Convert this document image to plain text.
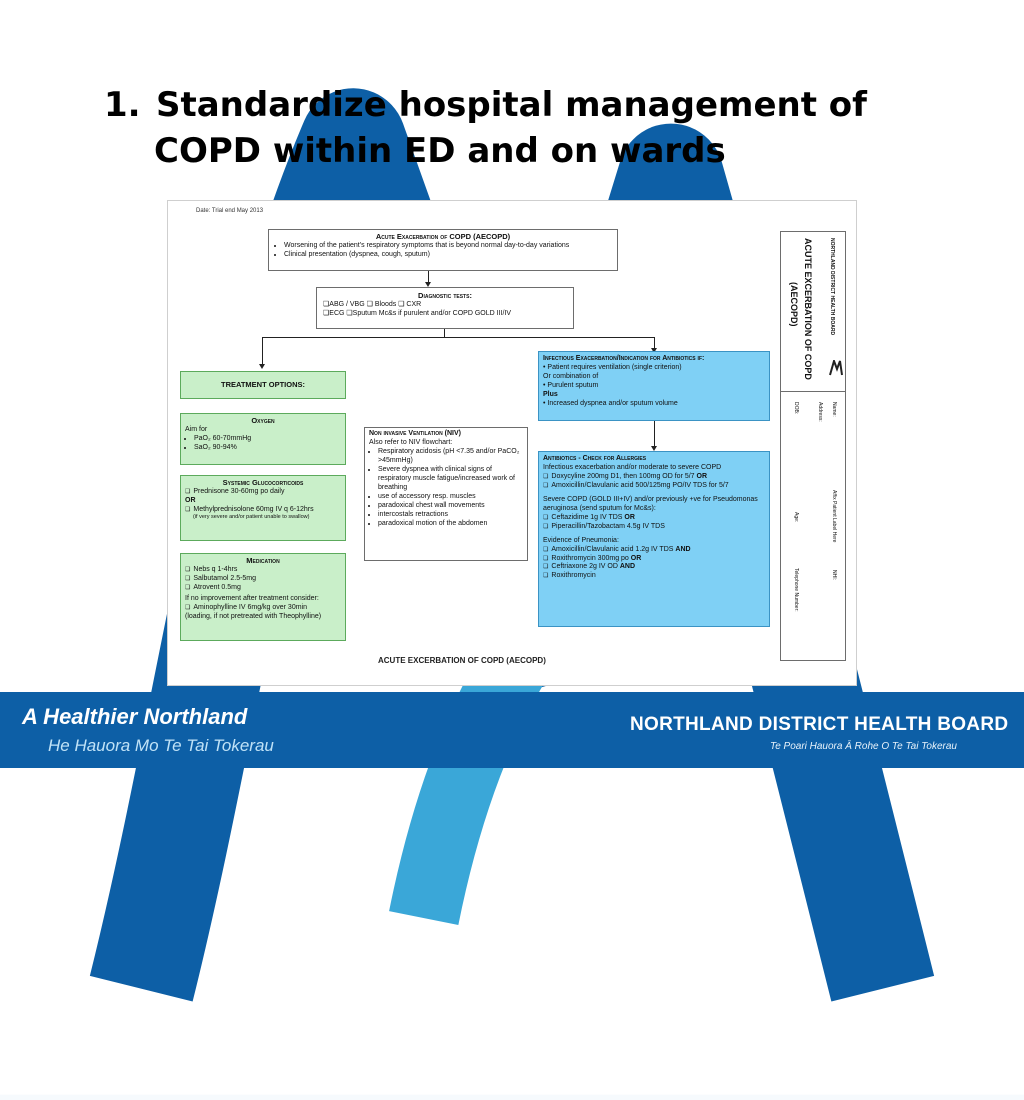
1. Standardize hospital management of
COPD within ED and on wards
Date: Trial end May 2013
Acute Exacerbation of COPD (AECOPD)
• Worsening of the patient's respiratory symptoms that is beyond normal day-to-day variations
• Clinical presentation (dyspnea, cough, sputum)
Diagnostic tests:
❏ABG / VBG ❏ Bloods ❏ CXR
❏ECG ❏Sputum Mc&s if purulent and/or COPD GOLD III/IV
TREATMENT OPTIONS:
Oxygen
Aim for
• PaO₂ 60-70mmHg
• SaO₂ 90-94%
Systemic Glucocorticoids
❏ Prednisone 30-60mg po daily
OR
❏ Methylprednisolone 60mg IV q 6-12hrs
(if very severe and/or patient unable to swallow)
Medication
❏ Nebs q 1-4hrs
❏ Salbutamol 2.5-5mg
❏ Atrovent 0.5mg
If no improvement after treatment consider:
❏ Aminophylline IV 6mg/kg over 30min
(loading, if not pretreated with Theophylline)
Non invasive Ventilation (NIV)
Also refer to NIV flowchart:
• Respiratory acidosis (pH <7.35 and/or PaCO₂ >45mmHg)
• Severe dyspnea with clinical signs of respiratory muscle fatigue/increased work of breathing
• use of accessory resp. muscles
• paradoxical chest wall movements
• intercostals retractions
• paradoxical motion of the abdomen
Infectious Exacerbation/Indication for Antibiotics if:
• Patient requires ventilation (single criterion)
Or combination of
• Purulent sputum
Plus
• Increased dyspnea and/or sputum volume
Antibiotics - Check for Allergies
Infectious exacerbation and/or moderate to severe COPD
❏ Doxycyline 200mg D1, then 100mg OD for 5/7 OR
❏ Amoxicillin/Clavulanic acid 500/125mg PO/IV TDS for 5/7
Severe COPD (GOLD III+IV) and/or previously +ve for Pseudomonas aeruginosa (send sputum for Mc&s):
❏ Ceftazidime 1g IV TDS OR
❏ Piperacillin/Tazobactam 4.5g IV TDS
Evidence of Pneumonia:
❏ Amoxicillin/Clavulanic acid 1.2g IV TDS AND
❏ Roxithromycin 300mg po OR
❏ Ceftriaxone 2g IV OD AND
❏ Roxithromycin
NORTHLAND DISTRICT HEALTH BOARD
ACUTE EXCERBATION OF COPD
(AECOPD)
Name:
Address:
DOB:
Affix Patient Label Here
NHI:
Age:
Telephone Number:
ACUTE EXCERBATION OF COPD (AECOPD)
A Healthier Northland
He Hauora Mo Te Tai Tokerau
NORTHLAND DISTRICT HEALTH BOARD
Te Poari Hauora Ā Rohe O Te Tai Tokerau
